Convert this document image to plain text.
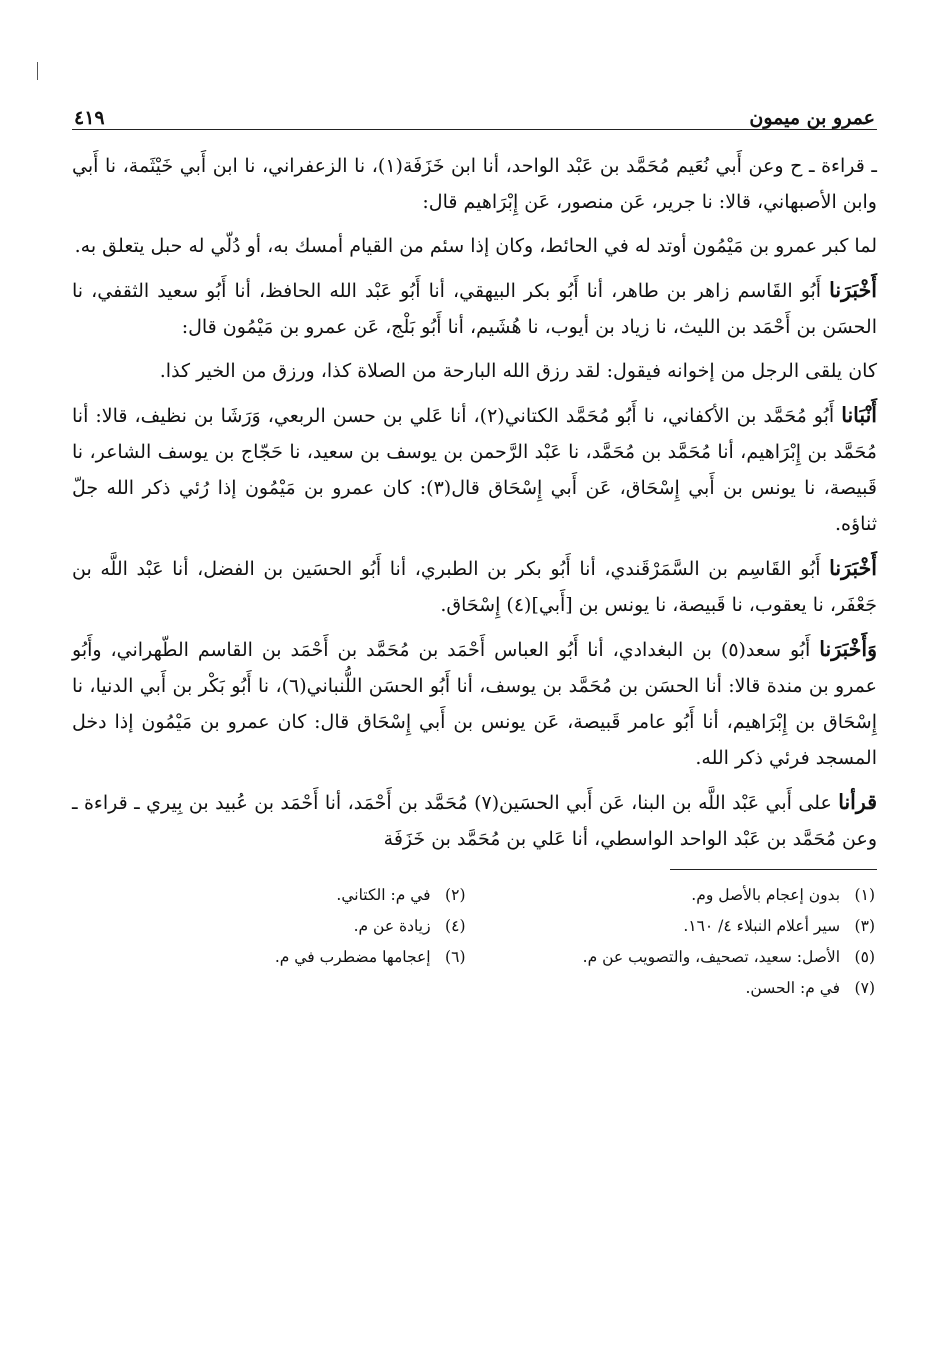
عمرو بن ميمون
٤١٩

ـ قراءة ـ ح وعن أَبي نُعَيم مُحَمَّد بن عَبْد الواحد، أنا ابن خَزَفَة(١)، نا الزعفراني، نا ابن أَبي خَيْثَمة، نا أَبي وابن الأصبهاني، قالا: نا جرير، عَن منصور، عَن إِبْرَاهيم قال:

لما كبر عمرو بن مَيْمُون أوتد له في الحائط، وكان إذا سئم من القيام أمسك به، أو دُلّي له حبل يتعلق به.

أَخْبَرَنا أَبُو القَاسم زاهر بن طاهر، أنا أَبُو بكر البيهقي، أنا أَبُو عَبْد الله الحافظ، أنا أَبُو سعيد الثقفي، نا الحسَن بن أَحْمَد بن الليث، نا زياد بن أيوب، نا هُشَيم، أنا أَبُو بَلْج، عَن عمرو بن مَيْمُون قال:

كان يلقى الرجل من إخوانه فيقول: لقد رزق الله البارحة من الصلاة كذا، ورزق من الخير كذا.

أَنْبَانا أَبُو مُحَمَّد بن الأكفاني، نا أَبُو مُحَمَّد الكتاني(٢)، أنا عَلي بن حسن الربعي، وَرَشَا بن نظيف، قالا: أنا مُحَمَّد بن إِبْرَاهيم، أنا مُحَمَّد بن مُحَمَّد، نا عَبْد الرَّحمن بن يوسف بن سعيد، نا حَجّاج بن يوسف الشاعر، نا قَبيصة، نا يونس بن أَبي إِسْحَاق، عَن أَبي إِسْحَاق قال(٣): كان عمرو بن مَيْمُون إذا رُئي ذكر الله جلّ ثناؤه.

أَخْبَرَنا أَبُو القَاسِم بن السَّمَرْقَندي، أنا أَبُو بكر بن الطبري، أنا أَبُو الحسَين بن الفضل، أنا عَبْد اللَّه بن جَعْفَر، نا يعقوب، نا قَبيصة، نا يونس بن [أَبي](٤) إِسْحَاق.

وَأَخْبَرَنا أَبُو سعد(٥) بن البغدادي، أنا أَبُو العباس أَحْمَد بن مُحَمَّد بن أَحْمَد بن القاسم الطّهراني، وأَبُو عمرو بن مندة قالا: أنا الحسَن بن مُحَمَّد بن يوسف، أنا أَبُو الحسَن اللُّنباني(٦)، نا أَبُو بَكْر بن أَبي الدنيا، نا إِسْحَاق بن إِبْرَاهيم، أنا أَبُو عامر قَبيصة، عَن يونس بن أَبي إِسْحَاق قال: كان عمرو بن مَيْمُون إذا دخل المسجد فرئي ذكر الله.

قرأنا على أَبي عَبْد اللَّه بن البنا، عَن أَبي الحسَين(٧) مُحَمَّد بن أَحْمَد، أنا أَحْمَد بن عُبيد بن بِيري ـ قراءة ـ وعن مُحَمَّد بن عَبْد الواحد الواسطي، أنا عَلي بن مُحَمَّد بن خَزَفَة

(١) بدون إعجام بالأصل وم.
(٢) في م: الكتاني.
(٣) سير أعلام النبلاء ٤/ ١٦٠.
(٤) زيادة عن م.
(٥) الأصل: سعيد، تصحيف، والتصويب عن م.
(٦) إعجامها مضطرب في م.
(٧) في م: الحسن.
